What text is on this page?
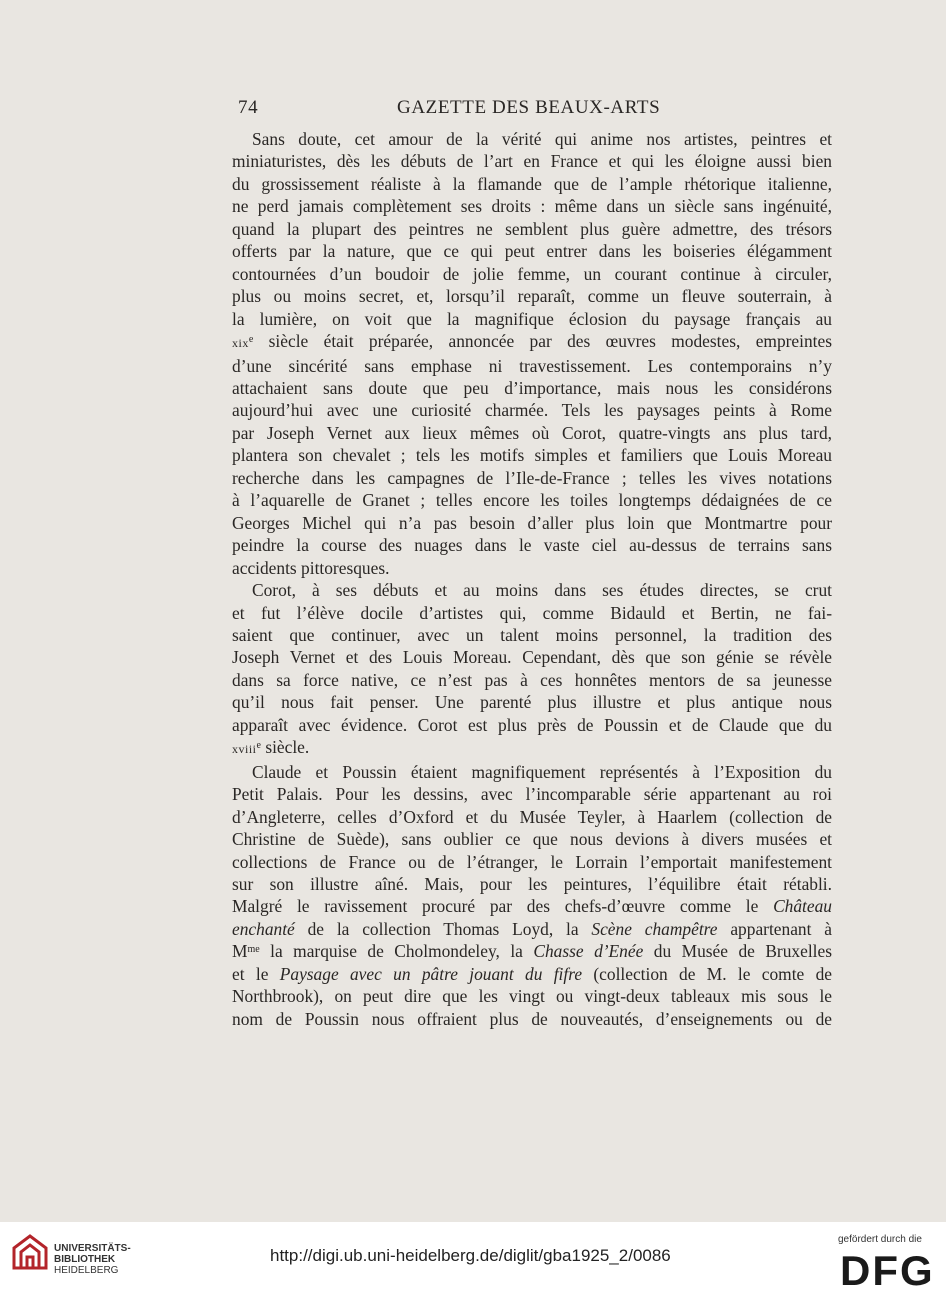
74	GAZETTE DES BEAUX-ARTS
Sans doute, cet amour de la vérité qui anime nos artistes, peintres et
miniaturistes, dès les débuts de l’art en France et qui les éloigne aussi bien
du grossissement réaliste à la flamande que de l’ample rhétorique italienne,
ne perd jamais complètement ses droits : même dans un siècle sans ingénuité,
quand la plupart des peintres ne semblent plus guère admettre, des trésors
offerts par la nature, que ce qui peut entrer dans les boiseries élégamment
contournées d’un boudoir de jolie femme, un courant continue à circuler,
plus ou moins secret, et, lorsqu’il reparaît, comme un fleuve souterrain, à
la lumière, on voit que la magnifique éclosion du paysage français au
xix$^e$ siècle était préparée, annoncée par des œuvres modestes, empreintes
d’une sincérité sans emphase ni travestissement. Les contemporains n’y
attachaient sans doute que peu d’importance, mais nous les considérons
aujourd’hui avec une curiosité charmée. Tels les paysages peints à Rome
par Joseph Vernet aux lieux mêmes où Corot, quatre-vingts ans plus tard,
plantera son chevalet ; tels les motifs simples et familiers que Louis Moreau
recherche dans les campagnes de l’Ile-de-France ; telles les vives notations
à l’aquarelle de Granet ; telles encore les toiles longtemps dédaignées de ce
Georges Michel qui n’a pas besoin d’aller plus loin que Montmartre pour
peindre la course des nuages dans le vaste ciel au-dessus de terrains sans
accidents pittoresques.
Corot, à ses débuts et au moins dans ses études directes, se crut
et fut l’élève docile d’artistes qui, comme Bidauld et Bertin, ne fai-
saient que continuer, avec un talent moins personnel, la tradition des
Joseph Vernet et des Louis Moreau. Cependant, dès que son génie se révèle
dans sa force native, ce n’est pas à ces honnêtes mentors de sa jeunesse
qu’il nous fait penser. Une parenté plus illustre et plus antique nous
apparaît avec évidence. Corot est plus près de Poussin et de Claude que du
xviii$^e$ siècle.
Claude et Poussin étaient magnifiquement représentés à l’Exposition du
Petit Palais. Pour les dessins, avec l’incomparable série appartenant au roi
d’Angleterre, celles d’Oxford et du Musée Teyler, à Haarlem (collection de
Christine de Suède), sans oublier ce que nous devions à divers musées et
collections de France ou de l’étranger, le Lorrain l’emportait manifestement
sur son illustre aîné. Mais, pour les peintures, l’équilibre était rétabli.
Malgré le ravissement procuré par des chefs-d’œuvre comme le Château
enchanté de la collection Thomas Loyd, la Scène champêtre appartenant à
$M^{me}$ la marquise de Cholmondeley, la Chasse d’Enée du Musée de Bruxelles
et le Paysage avec un pâtre jouant du fifre (collection de M. le comte de
Northbrook), on peut dire que les vingt ou vingt-deux tableaux mis sous le
nom de Poussin nous offraient plus de nouveautés, d’enseignements ou de
UNIVERSITÄTS-
BIBLIOTHEK
HEIDELBERG
http://digi.ub.uni-heidelberg.de/diglit/gba1925_2/0086
gefördert durch die
DFG
